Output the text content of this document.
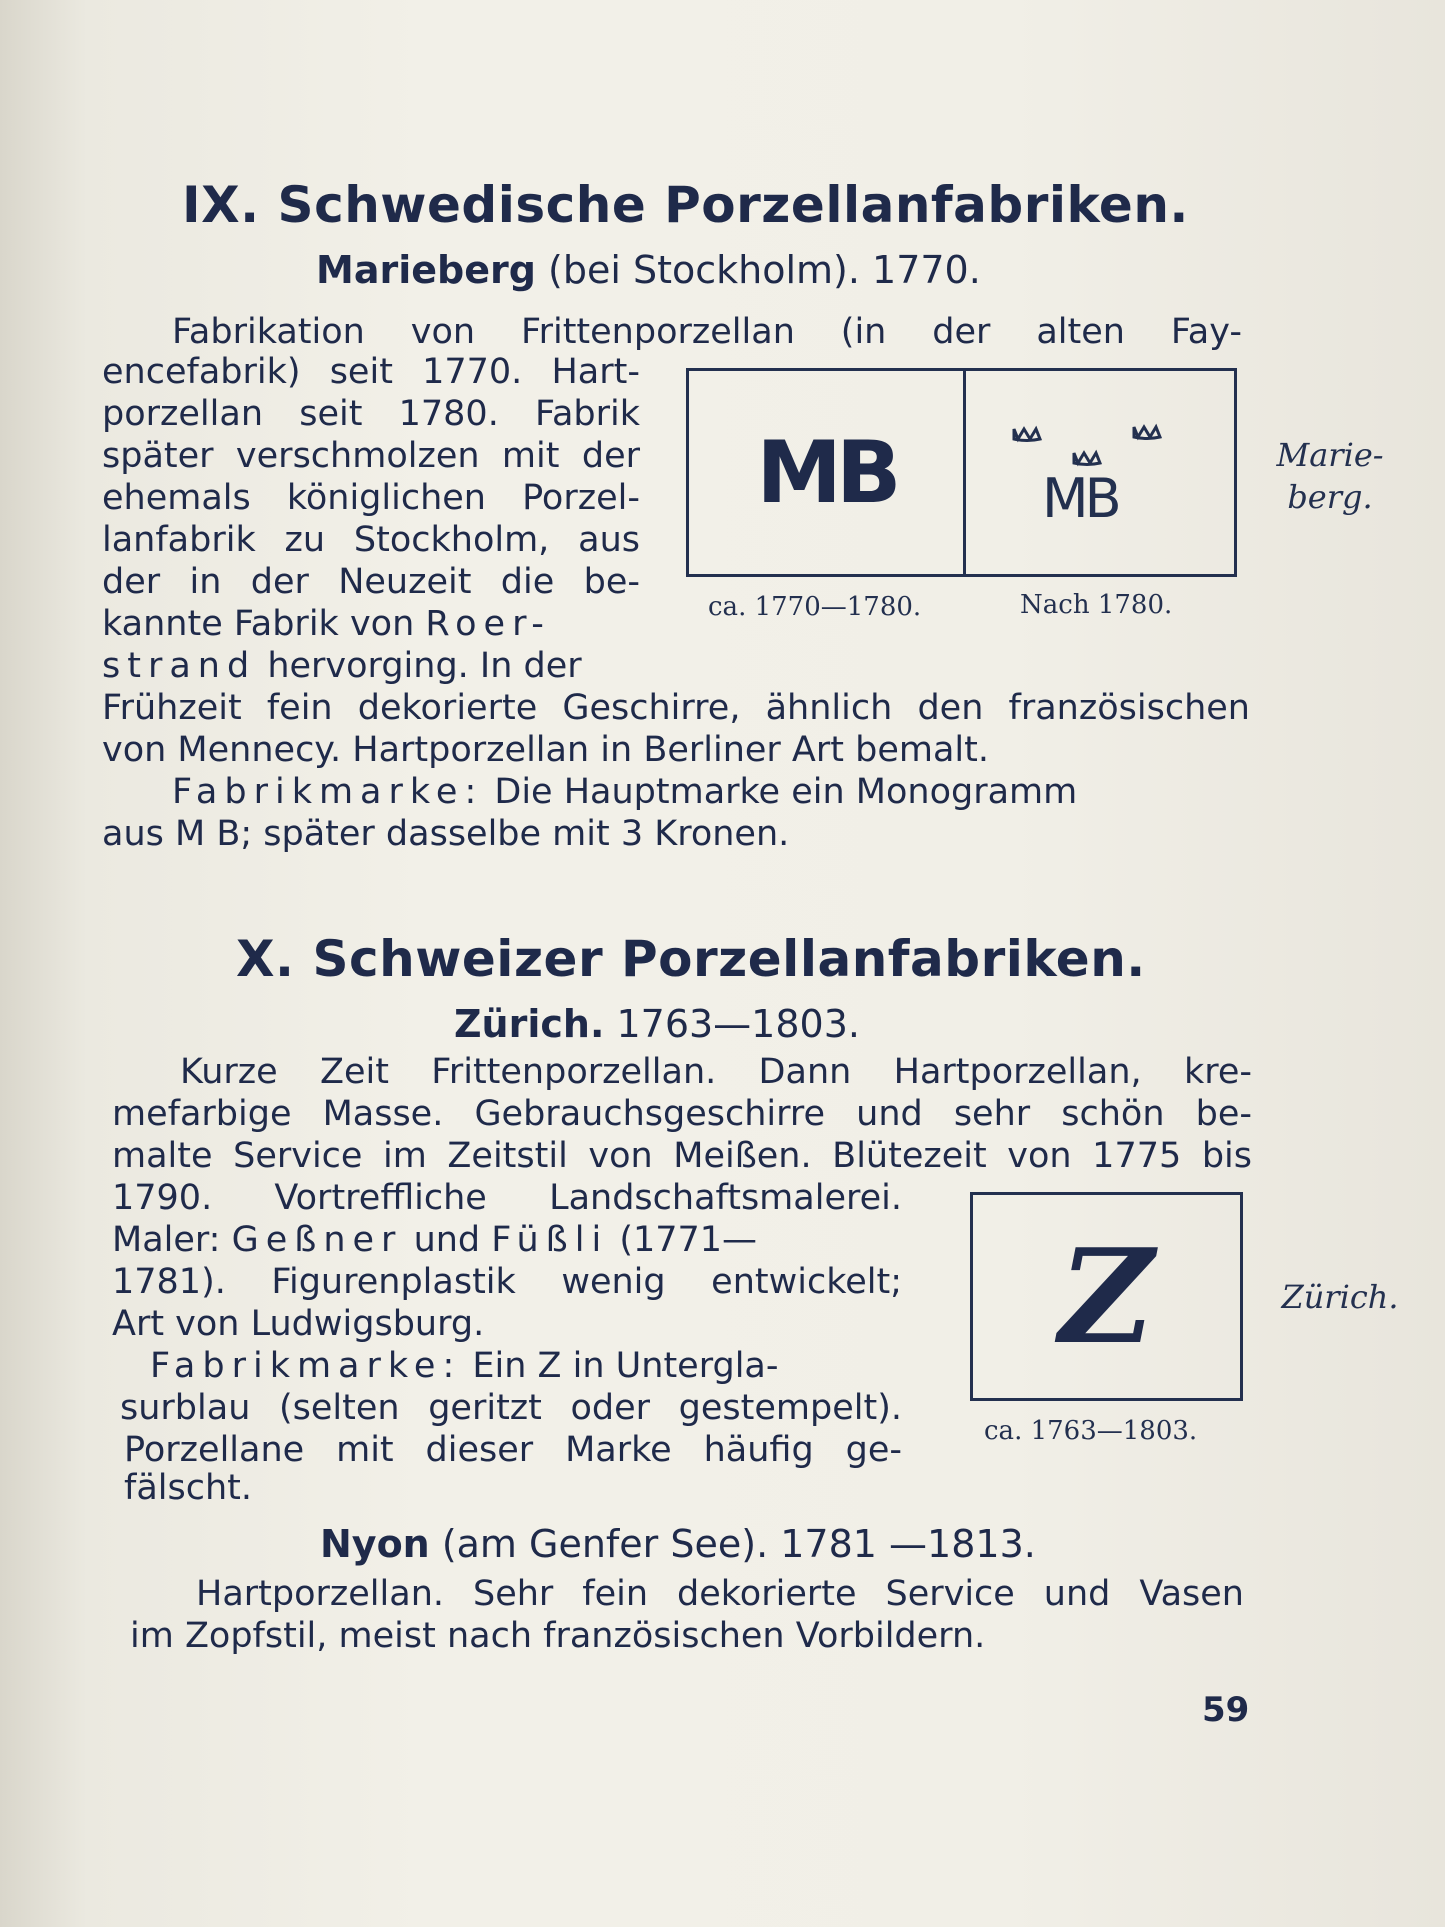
IX. Schwedische Porzellanfabriken.
Marieberg (bei Stockholm). 1770.
Fabrikation von Frittenporzellan (in der alten Fay-
encefabrik) seit 1770. Hart-
porzellan seit 1780. Fabrik
später verschmolzen mit der
ehemals königlichen Porzel-
lanfabrik zu Stockholm, aus
der in der Neuzeit die be-
kannte Fabrik von Roer-
strand hervorging. In der
Frühzeit fein dekorierte Geschirre, ähnlich den französischen
von Mennecy. Hartporzellan in Berliner Art bemalt.
Fabrikmarke: Die Hauptmarke ein Monogramm
aus M B; später dasselbe mit 3 Kronen.
MB	MB
ca. 1770—1780.	Nach 1780.
Marie-
berg.
X. Schweizer Porzellanfabriken.
Zürich. 1763—1803.
Kurze Zeit Frittenporzellan. Dann Hartporzellan, kre-
mefarbige Masse. Gebrauchsgeschirre und sehr schön be-
malte Service im Zeitstil von Meißen. Blütezeit von 1775 bis
1790. Vortreffliche Landschaftsmalerei.
Maler: Geßner und Füßli (1771—
1781). Figurenplastik wenig entwickelt;
Art von Ludwigsburg.
Fabrikmarke: Ein Z in Untergla-
surblau (selten geritzt oder gestempelt).
Porzellane mit dieser Marke häufig ge-
fälscht.
Z
ca. 1763—1803.
Zürich.
Nyon (am Genfer See). 1781 —1813.
Hartporzellan. Sehr fein dekorierte Service und Vasen
im Zopfstil, meist nach französischen Vorbildern.
59
